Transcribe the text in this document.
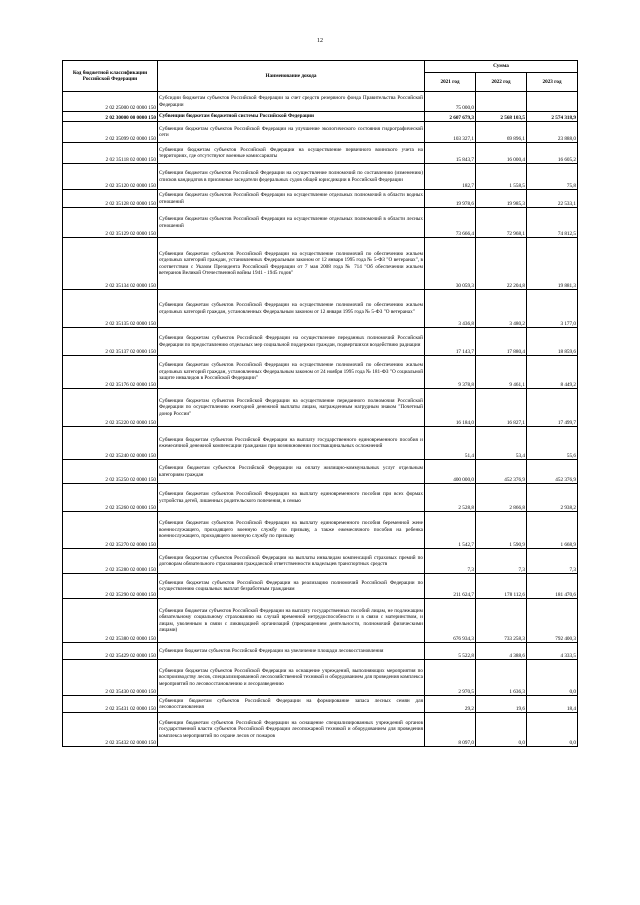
12
Код бюджетной классификации Российской Федерации	Наименование дохода	Сумма		
		2021 год	2022 год	2023 год
2 02 25000 02 0000 150	Субсидии бюджетам субъектов Российской Федерации за счет средств резервного фонда Правительства Российской Федерации	75 000,0		
2 02 30000 00 0000 150	Субвенции бюджетам бюджетной системы Российской Федерации	2 607 679,3	2 568 103,5	2 574 318,9
2 02 35099 02 0000 150	Субвенции бюджетам субъектов Российской Федерации на улучшение экологического состояния гидрографической сети	103 327,1	69 896,1	23 888,0
2 02 35118 02 0000 150	Субвенции бюджетам субъектов Российской Федерации на осуществление первичного воинского учета на территориях, где отсутствуют военные комиссариаты	15 843,7	16 000,4	16 605,2
2 02 35120 02 0000 150	Субвенции бюджетам субъектов Российской Федерации на осуществление полномочий по составлению (изменению) списков кандидатов в присяжные заседатели федеральных судов общей юрисдикции в Российской Федерации	182,7	1 558,5	75,8
2 02 35128 02 0000 150	Субвенции бюджетам субъектов Российской Федерации на осуществление отдельных полномочий в области водных отношений	19 978,6	19 985,3	22 533,1
2 02 35129 02 0000 150	Субвенции бюджетам субъектов Российской Федерации на осуществление отдельных полномочий в области лесных отношений	73 666,4	72 968,1	74 812,5
2 02 35134 02 0000 150	Субвенции бюджетам субъектов Российской Федерации на осуществление полномочий по обеспечению жильем отдельных категорий граждан, установленных Федеральным законом от 12 января 1995 года № 5-ФЗ "О ветеранах", в соответствии с Указом Президента Российской Федерации от 7 мая 2008 года № 714 "Об обеспечении жильем ветеранов Великой Отечественной войны 1941 - 1945 годов"	30 059,3	22 204,8	19 881,3
2 02 35135 02 0000 150	Субвенции бюджетам субъектов Российской Федерации на осуществление полномочий по обеспечению жильем отдельных категорий граждан, установленных Федеральным законом от 12 января 1995 года № 5-ФЗ "О ветеранах"	3 436,8	3 480,2	3 177,0
2 02 35137 02 0000 150	Субвенции бюджетам субъектов Российской Федерации на осуществление переданных полномочий Российской Федерации по предоставлению отдельных мер социальной поддержки граждан, подвергшихся воздействию радиации	17 143,7	17 880,4	18 859,6
2 02 35176 02 0000 150	Субвенции бюджетам субъектов Российской Федерации на осуществление полномочий по обеспечению жильем отдельных категорий граждан, установленных Федеральным законом от 24 ноября 1995 года № 181-ФЗ "О социальной защите инвалидов в Российской Федерации"	9 378,8	9 461,1	8 449,2
2 02 35220 02 0000 150	Субвенции бюджетам субъектов Российской Федерации на осуществление переданного полномочия Российской Федерации по осуществлению ежегодной денежной выплаты лицам, награжденным нагрудным знаком "Почетный донор России"	16 184,0	16 827,1	17 499,7
2 02 35240 02 0000 150	Субвенции бюджетам субъектов Российской Федерации на выплату государственного единовременного пособия и ежемесячной денежной компенсации гражданам при возникновении поствакцинальных осложнений	51,4	53,4	55,6
2 02 35250 02 0000 150	Субвенции бюджетам субъектов Российской Федерации на оплату жилищно-коммунальных услуг отдельным категориям граждан	400 000,0	452 376,9	452 376,9
2 02 35260 02 0000 150	Субвенции бюджетам субъектов Российской Федерации на выплату единовременного пособия при всех формах устройства детей, лишенных родительского попечения, в семью	2 528,8	2 866,8	2 938,2
2 02 35270 02 0000 150	Субвенции бюджетам субъектов Российской Федерации на выплату единовременного пособия беременной жене военнослужащего, проходящего военную службу по призыву, а также ежемесячного пособия на ребенка военнослужащего, проходящего военную службу по призыву	1 542,7	1 590,9	1 668,9
2 02 35280 02 0000 150	Субвенции бюджетам субъектов Российской Федерации на выплаты инвалидам компенсаций страховых премий по договорам обязательного страхования гражданской ответственности владельцев транспортных средств	7,3	7,3	7,3
2 02 35290 02 0000 150	Субвенции бюджетам субъектов Российской Федерации на реализацию полномочий Российской Федерации по осуществлению социальных выплат безработным гражданам	211 624,7	178 112,6	181 470,6
2 02 35380 02 0000 150	Субвенции бюджетам субъектов Российской Федерации на выплату государственных пособий лицам, не подлежащим обязательному социальному страхованию на случай временной нетрудоспособности и в связи с материнством, и лицам, уволенным в связи с ликвидацией организаций (прекращением деятельности, полномочий физическими лицами)	676 934,3	733 258,3	792 400,3
2 02 35429 02 0000 150	Субвенции бюджетам субъектов Российской Федерации на увеличение площади лесовосстановления	5 522,8	4 388,6	4 333,5
2 02 35430 02 0000 150	Субвенции бюджетам субъектов Российской Федерации на оснащение учреждений, выполняющих мероприятия по воспроизводству лесов, специализированной лесохозяйственной техникой и оборудованием для проведения комплекса мероприятий по лесовосстановлению и лесоразведению	2 970,5	1 636,3	0,0
2 02 35431 02 0000 150	Субвенции бюджетам субъектов Российской Федерации на формирование запаса лесных семян для лесовосстановления	29,2	19,6	18,4
2 02 35432 02 0000 150	Субвенции бюджетам субъектов Российской Федерации на оснащение специализированных учреждений органов государственной власти субъектов Российской Федерации лесопожарной техникой и оборудованием для проведения комплекса мероприятий по охране лесов от пожаров	8 097,0	0,0	0,0
